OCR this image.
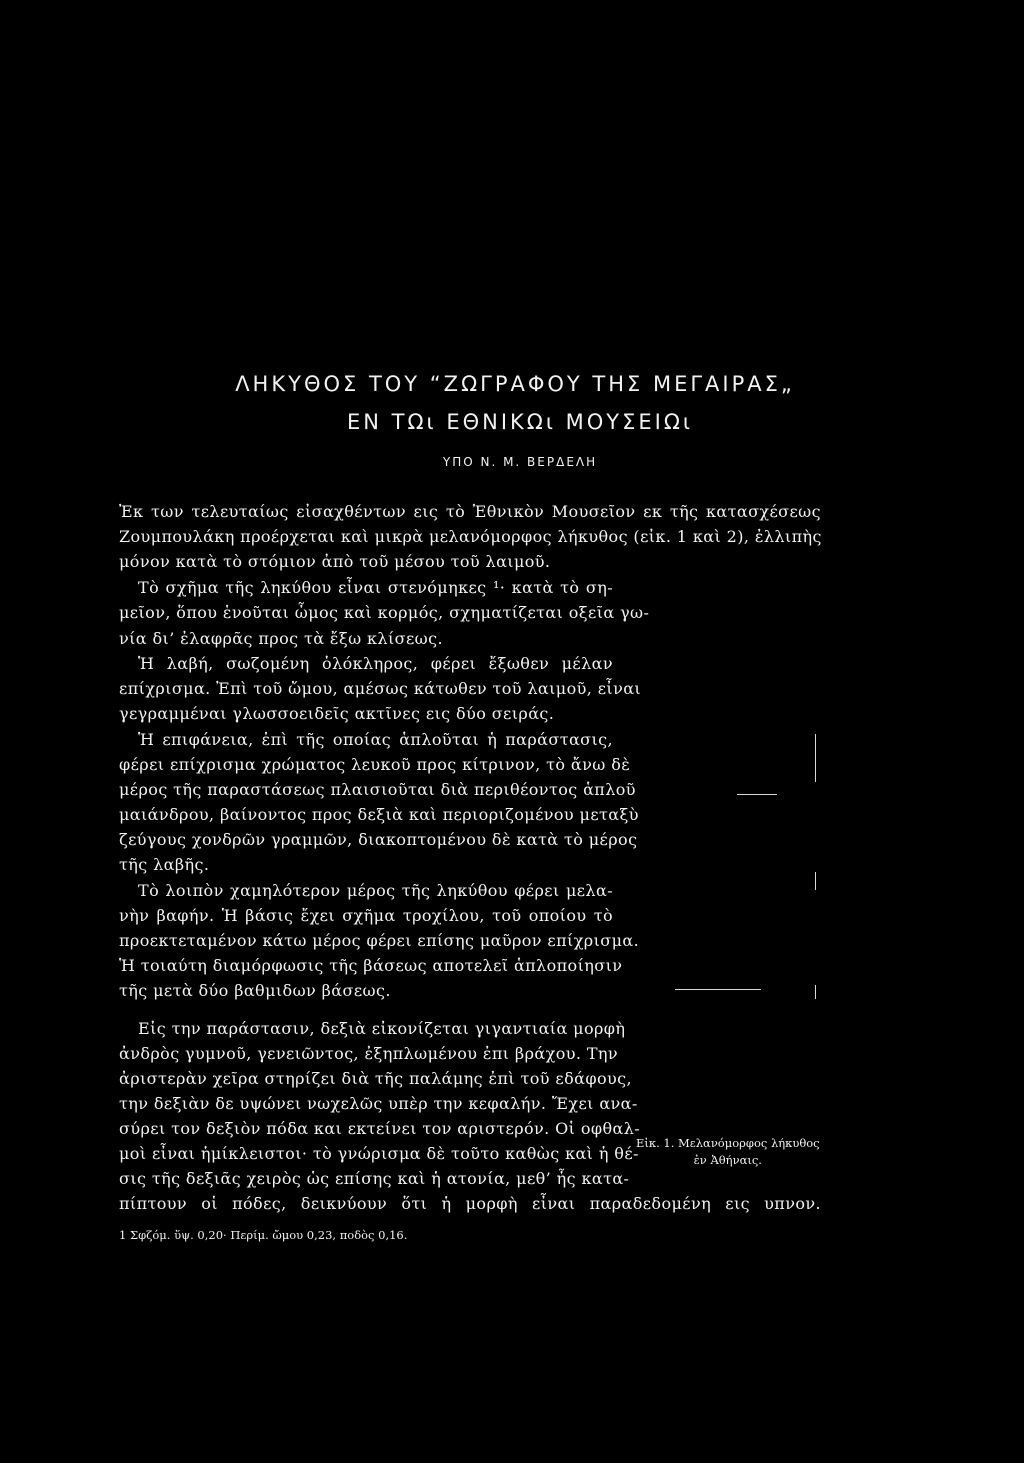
ΛΗΚΥΘΟΣ ΤΟΥ “ΖΩΓΡΑΦΟΥ ΤΗΣ ΜΕΓΑΙΡΑΣ„
ΕΝ ΤΩι ΕΘΝΙΚΩι ΜΟΥΣΕΙΩι
ΥΠΟ Ν. Μ. ΒΕΡΔΕΛΗ
Ἐκ των τελευταίως εἰσαχθέντων εις τὸ Ἐθνικὸν Μουσεῖον εκ τῆς κατασχέσεως
Ζουμπουλάκη προέρχεται καὶ μικρὰ μελανόμορφος λήκυθος (εἰκ. 1 καὶ 2), ἐλλιπὴς
μόνον κατὰ τὸ στόμιον ἀπὸ τοῦ μέσου τοῦ λαιμοῦ.
Τὸ σχῆμα τῆς ληκύθου εἶναι στενόμηκες ¹· κατὰ τὸ ση-
μεῖον, ὅπου ἑνοῦται ὦμος καὶ κορμός, σχηματίζεται οξεῖα γω-
νία δι’ ἐλαφρᾶς προς τὰ ἔξω κλίσεως.
Ἡ λαβή, σωζομένη ὁλόκληρος, φέρει ἔξωθεν μέλαν
επίχρισμα. Ἐπὶ τοῦ ὤμου, αμέσως κάτωθεν τοῦ λαιμοῦ, εἶναι
γεγραμμέναι γλωσσοειδεῖς ακτῖνες εις δύο σειράς.
Ἡ επιφάνεια, ἐπὶ τῆς οποίας ἁπλοῦται ἡ παράστασις,
φέρει επίχρισμα χρώματος λευκοῦ προς κίτρινον, τὸ ἄνω δὲ
μέρος τῆς παραστάσεως πλαισιοῦται διὰ περιθέοντος ἁπλοῦ
μαιάνδρου, βαίνοντος προς δεξιὰ καὶ περιοριζομένου μεταξὺ
ζεύγους χονδρῶν γραμμῶν, διακοπτομένου δὲ κατὰ τὸ μέρος
τῆς λαβῆς.
Τὸ λοιπὸν χαμηλότερον μέρος τῆς ληκύθου φέρει μελα-
νὴν βαφήν. Ἡ βάσις ἔχει σχῆμα τροχίλου, τοῦ οποίου τὸ
προεκτεταμένον κάτω μέρος φέρει επίσης μαῦρον επίχρισμα.
Ἡ τοιαύτη διαμόρφωσις τῆς βάσεως αποτελεῖ ἁπλοποίησιν
τῆς μετὰ δύο βαθμιδων βάσεως.
Εἰς την παράστασιν, δεξιὰ εἰκονίζεται γιγαντιαία μορφὴ
ἀνδρὸς γυμνοῦ, γενειῶντος, ἐξηπλωμένου ἐπι βράχου. Την
ἀριστερὰν χεῖρα στηρίζει διὰ τῆς παλάμης ἐπὶ τοῦ εδάφους,
την δεξιὰν δε υψώνει νωχελῶς υπὲρ την κεφαλήν. Ἔχει ανα-
σύρει τον δεξιὸν πόδα και εκτείνει τον αριστερόν. Οἱ οφθαλ-
μοὶ εἶναι ἡμίκλειστοι· τὸ γνώρισμα δὲ τοῦτο καθὼς καὶ ἡ θέ-
σις τῆς δεξιᾶς χειρὸς ὡς επίσης καὶ ἡ ατονία, μεθ’ ἧς κατα-
πίπτουν οἱ πόδες, δεικνύουν ὅτι ἡ μορφὴ εἶναι παραδεδομένη εις υπνον.
Εἰκ. 1. Μελανόμορφος λήκυθος
ἐν Ἀθήναις.
1 Σφζόμ. ὕψ. 0,20· Περίμ. ὤμου 0,23, ποδὸς 0,16.
